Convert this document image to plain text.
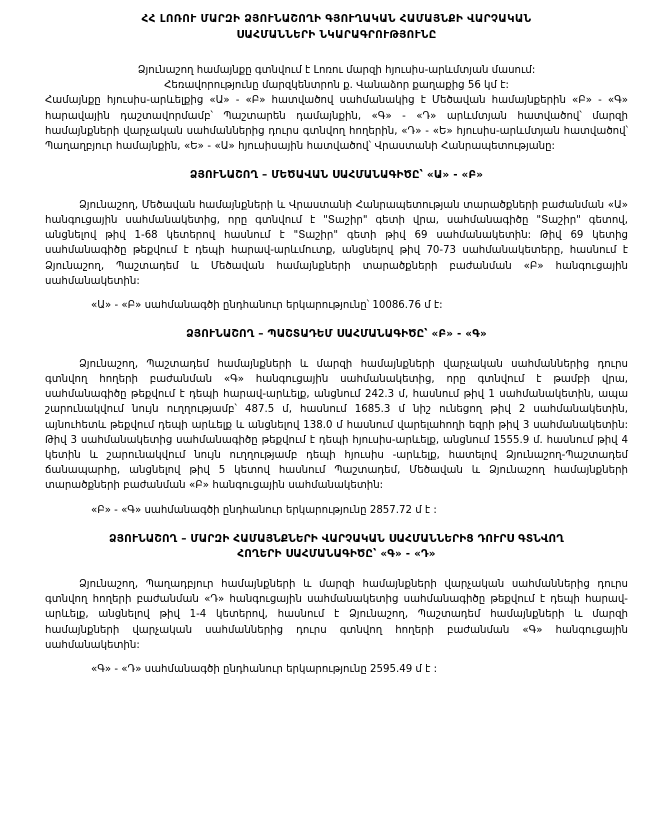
ՀՀ ԼՈՌՈՒ ՄԱՐԶԻ ՁՅՈՒՆԱՇՈՂԻ ԳՅՈՒՂԱԿԱՆ ՀԱՄԱՅՆՔԻ ՎԱՐՉԱԿԱՆ
ՍԱՀՄԱՆՆԵՐԻ ՆԿԱՐԱԳՐՈՒԹՅՈՒՆԸ

Ձյունաշող համայնքը գտնվում է Լոռու մարզի հյուսիս-արևմտյան մասում:

Հեռավորությունը մարզկենտրոն ք. Վանաձոր քաղաքից 56 կմ է:

Համայնքը հյուսիս-արևելքից «Ա» - «Բ» հատվածով սահմանակից է Մեծավան համայնքերին «Բ» - «Գ» հարավային դաշտավորմամբ՝ Պաշտարեն դամայնքին, «Գ» - «Դ» արևմտյան հատվածով՝ մարզի համայնքների վարչական սահմաններից դուրս գտնվող հողերին, «Դ» - «Ե» հյուսիս-արևմտյան հատվածով՝ Պաղաղբյուր համայնքին, «Ե» - «Ա» հյուսիսային հատվածով՝ Վրաստանի Հանրապետությանը:

ՁՅՈՒՆԱՇՈՂ – ՄԵԾԱՎԱՆ ՍԱՀՄԱՆԱԳԻԾԸ՝ «Ա» - «Բ»

Ձյունաշող, Մեծավան համայնքների և Վրաստանի Հանրապետության տարածքների բաժանման «Ա» հանգուցային սահմանակետից, որը գտնվում է "Տաշիր" գետի վրա, սահմանագիծը "Տաշիր" գետով, անցնելով թիվ 1-68 կետերով հասնում է "Տաշիր" գետի թիվ 69 սահմանակետին: Թիվ 69 կետից սահմանագիծը թեքվում է դեպի հարավ-արևմուտք, անցնելով թիվ 70-73 սահմանակետերը, հասնում է Ձյունաշող, Պաշտադեմ և Մեծավան համայնքների տարածքների բաժանման «Բ» հանգուցային սահմանակետին:

«Ա» - «Բ» սահմանագծի ընդհանուր երկարությունը՝ 10086.76 մ է:

ՁՅՈՒՆԱՇՈՂ – ՊԱՇՏԱԴԵՄ ՍԱՀՄԱՆԱԳԻԾԸ՝ «Բ» - «Գ»

Ձյունաշող, Պաշտադեմ համայնքների և մարզի համայնքների վարչական սահմաններից դուրս գտնվող հողերի բաժանման «Գ» հանգուցային սահմանակետից, որը գտնվում է թամբի վրա, սահմանագիծը թեքվում է դեպի հարավ-արևելք, անցնում 242.3 մ, հասնում թիվ 1 սահմանակետին, ապա շարունակվում նույն ուղղությամբ՝ 487.5 մ, հասնում 1685.3 մ նիշ ունեցող թիվ 2 սահմանակետին, այնուհետև թեքվում դեպի արևելք և անցնելով 138.0 մ հասնում վարելահողի եզրի թիվ 3 սահմանակետին: Թիվ 3 սահմանակետից սահմանագիծը թեքվում է դեպի հյուսիս-արևելք, անցնում 1555.9 մ. հասնում թիվ 4 կետին և շարունակվում նույն ուղղությամբ դեպի հյուսիս -արևելք, հատելով Ձյունաշող-Պաշտադեմ ճանապարհը, անցնելով թիվ 5 կետով հասնում Պաշտադեմ, Մեծավան և Ձյունաշող համայնքների տարածքների բաժանման «Բ» հանգուցային սահմանակետին:

«Բ» - «Գ» սահմանագծի ընդհանուր երկարությունը 2857.72 մ է :

ՁՅՈՒՆԱՇՈՂ – ՄԱՐԶԻ ՀԱՄԱՅՆՔՆԵՐԻ ՎԱՐՉԱԿԱՆ ՍԱՀՄԱՆՆԵՐԻՑ ԴՈՒՐՍ ԳՏՆՎՈՂ
ՀՈՂԵՐԻ ՍԱՀՄԱՆԱԳԻԾԸ՝ «Գ» - «Դ»

Ձյունաշող, Պաղադբյուր համայնքների և մարզի համայնքների վարչական սահմաններից դուրս գտնվող հողերի բաժանման «Դ» հանգուցային սահմանակետից սահմանագիծը թեքվում է դեպի հարավ-արևելք, անցնելով թիվ 1-4 կետերով, հասնում է Ձյունաշող, Պաշտադեմ համայնքների և մարզի համայնքների վարչական սահմաններից դուրս գտնվող հողերի բաժանման «Գ» հանգուցային սահմանակետին:

«Գ» - «Դ» սահմանագծի ընդհանուր երկարությունը 2595.49 մ է :
